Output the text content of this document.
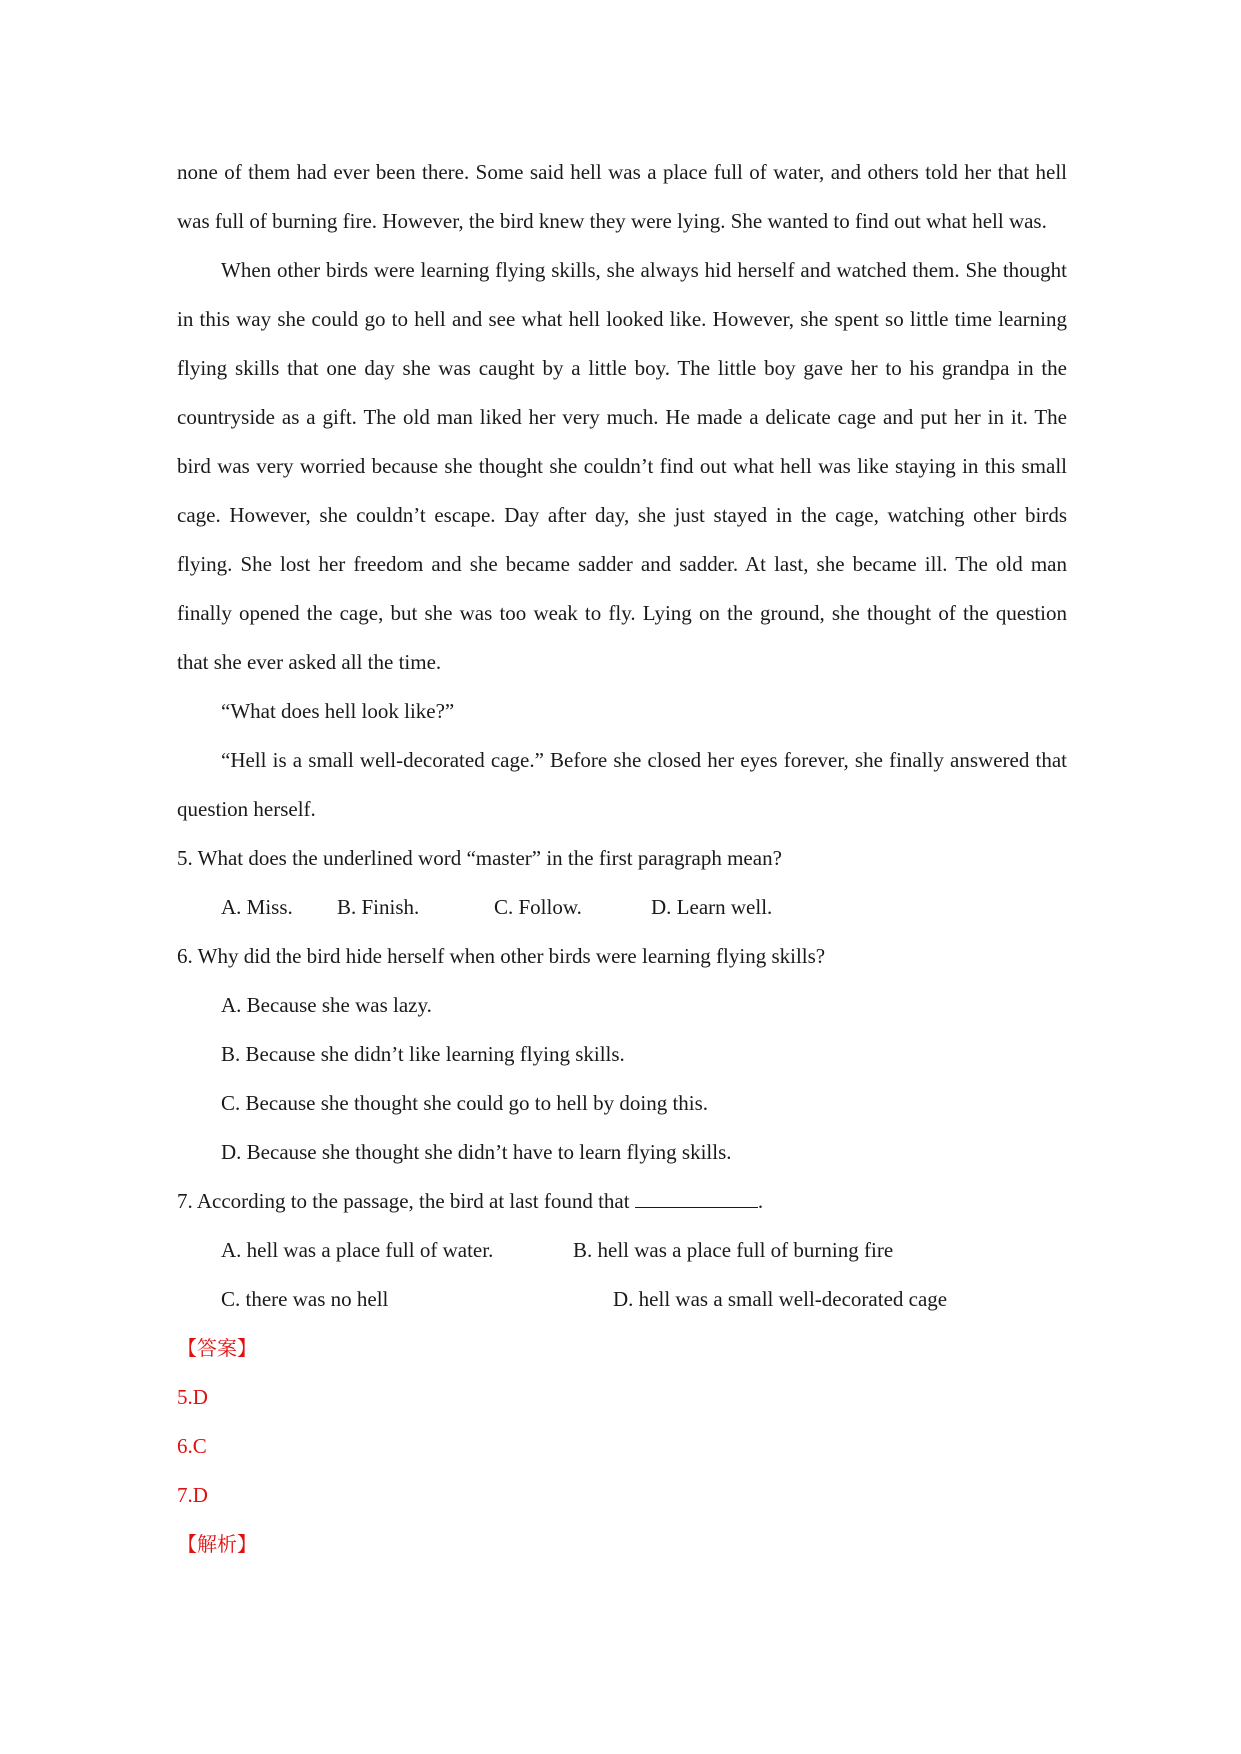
none of them had ever been there. Some said hell was a place full of water, and others told her that hell was full of burning fire. However, the bird knew they were lying. She wanted to find out what hell was.

When other birds were learning flying skills, she always hid herself and watched them. She thought in this way she could go to hell and see what hell looked like. However, she spent so little time learning flying skills that one day she was caught by a little boy. The little boy gave her to his grandpa in the countryside as a gift. The old man liked her very much. He made a delicate cage and put her in it. The bird was very worried because she thought she couldn’t find out what hell was like staying in this small cage. However, she couldn’t escape. Day after day, she just stayed in the cage, watching other birds flying. She lost her freedom and she became sadder and sadder. At last, she became ill. The old man finally opened the cage, but she was too weak to fly. Lying on the ground, she thought of the question that she ever asked all the time.

“What does hell look like?”

“Hell is a small well-decorated cage.” Before she closed her eyes forever, she finally answered that question herself.

5. What does the underlined word “master” in the first paragraph mean?

A. Miss. B. Finish.	C. Follow.	D. Learn well.

6. Why did the bird hide herself when other birds were learning flying skills?

A. Because she was lazy.

B. Because she didn’t like learning flying skills.

C. Because she thought she could go to hell by doing this.

D. Because she thought she didn’t have to learn flying skills.

7. According to the passage, the bird at last found that	.

A. hell was a place full of water.	B. hell was a place full of burning fire

C. there was no hell	D. hell was a small well-decorated cage

【答案】

5.D

6.C

7.D

【解析】
